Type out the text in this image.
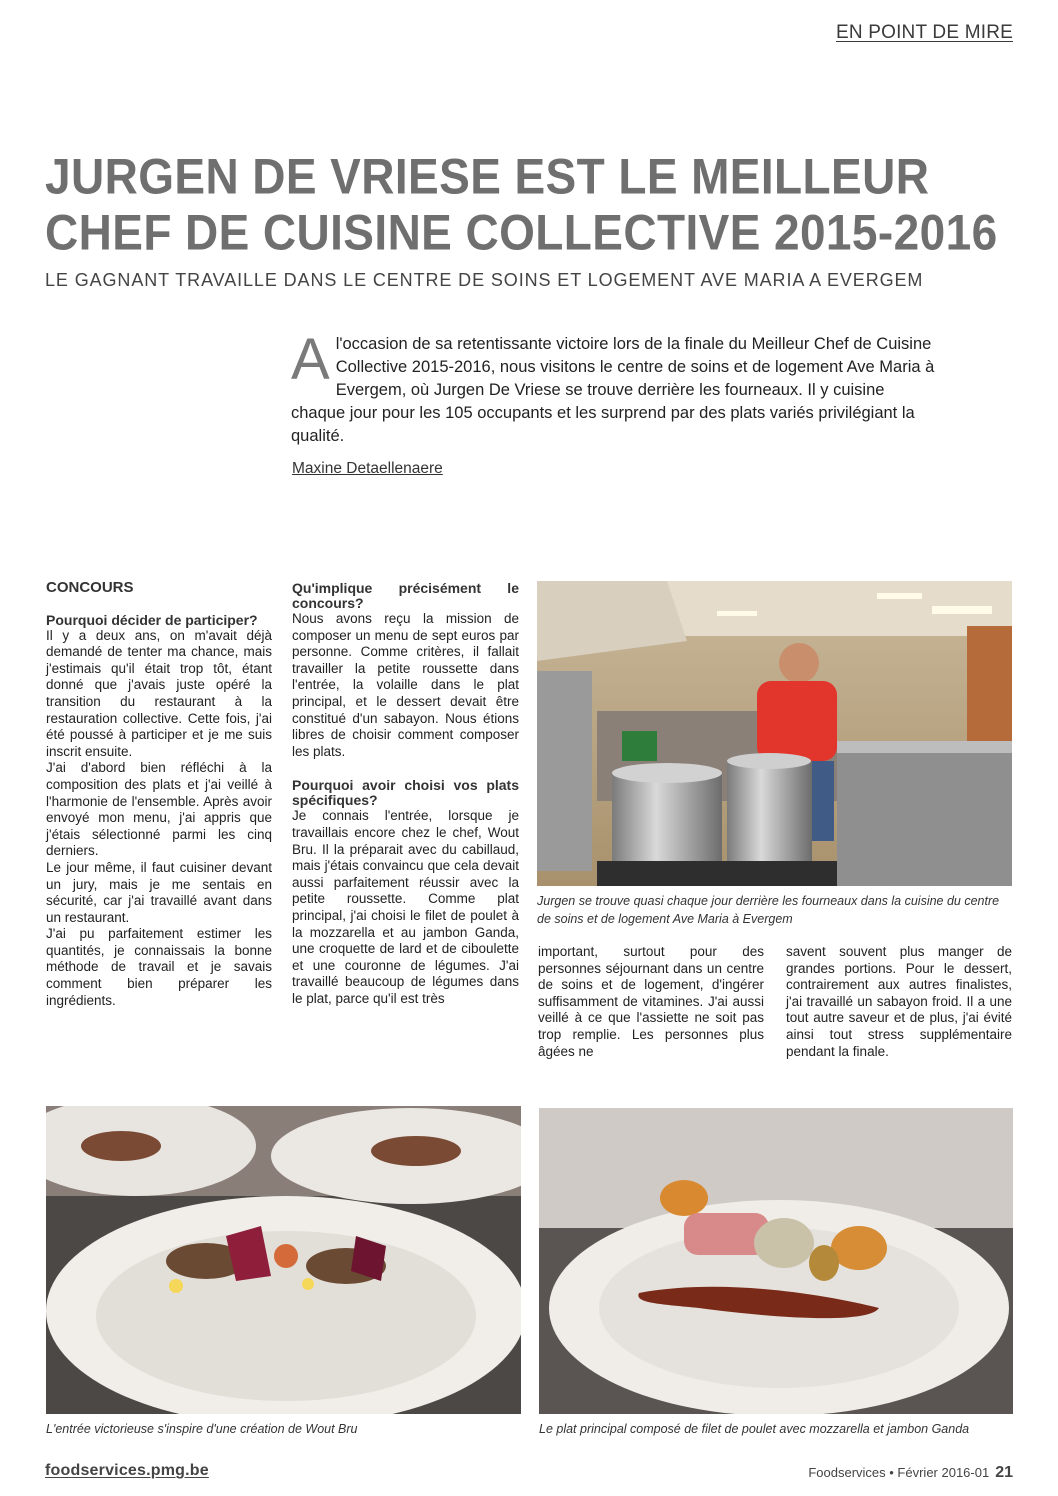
EN POINT DE MIRE
JURGEN DE VRIESE EST LE MEILLEUR CHEF DE CUISINE COLLECTIVE 2015-2016
LE GAGNANT TRAVAILLE DANS LE CENTRE DE SOINS ET LOGEMENT AVE MARIA A EVERGEM
Al'occasion de sa retentissante victoire lors de la finale du Meilleur Chef de Cuisine Collective 2015-2016, nous visitons le centre de soins et de logement Ave Maria à Evergem, où Jurgen De Vriese se trouve derrière les fourneaux. Il y cuisine chaque jour pour les 105 occupants et les surprend par des plats variés privilégiant la qualité.
Maxine Detaellenaere
CONCOURS
Pourquoi décider de participer?

Il y a deux ans, on m'avait déjà demandé de tenter ma chance, mais j'estimais qu'il était trop tôt, étant donné que j'avais juste opéré la transition du restaurant à la restauration collective. Cette fois, j'ai été poussé à participer et je me suis inscrit ensuite.

J'ai d'abord bien réfléchi à la composition des plats et j'ai veillé à l'harmonie de l'ensemble. Après avoir envoyé mon menu, j'ai appris que j'étais sélectionné parmi les cinq derniers.

Le jour même, il faut cuisiner devant un jury, mais je me sentais en sécurité, car j'ai travaillé avant dans un restaurant.

J'ai pu parfaitement estimer les quantités, je connaissais la bonne méthode de travail et je savais comment bien préparer les ingrédients.

Qu'implique précisément le concours?

Nous avons reçu la mission de composer un menu de sept euros par personne. Comme critères, il fallait travailler la petite roussette dans l'entrée, la volaille dans le plat principal, et le dessert devait être constitué d'un sabayon. Nous étions libres de choisir comment composer les plats.

Pourquoi avoir choisi vos plats spécifiques?

Je connais l'entrée, lorsque je travaillais encore chez le chef, Wout Bru. Il la préparait avec du cabillaud, mais j'étais convaincu que cela devait aussi parfaitement réussir avec la petite roussette. Comme plat principal, j'ai choisi le filet de poulet à la mozzarella et au jambon Ganda, une croquette de lard et de ciboulette et une couronne de légumes. J'ai travaillé beaucoup de légumes dans le plat, parce qu'il est très

Jurgen se trouve quasi chaque jour derrière les fourneaux dans la cuisine du centre de soins et de logement Ave Maria à Evergem

important, surtout pour des personnes séjournant dans un centre de soins et de logement, d'ingérer suffisamment de vitamines. J'ai aussi veillé à ce que l'assiette ne soit pas trop remplie. Les personnes plus âgées ne

savent souvent plus manger de grandes portions. Pour le dessert, contrairement aux autres finalistes, j'ai travaillé un sabayon froid. Il a une tout autre saveur et de plus, j'ai évité ainsi tout stress supplémentaire pendant la finale.

L'entrée victorieuse s'inspire d'une création de Wout Bru	Le plat principal composé de filet de poulet avec mozzarella et jambon Ganda
foodservices.pmg.be	Foodservices • Février 2016-01 21
